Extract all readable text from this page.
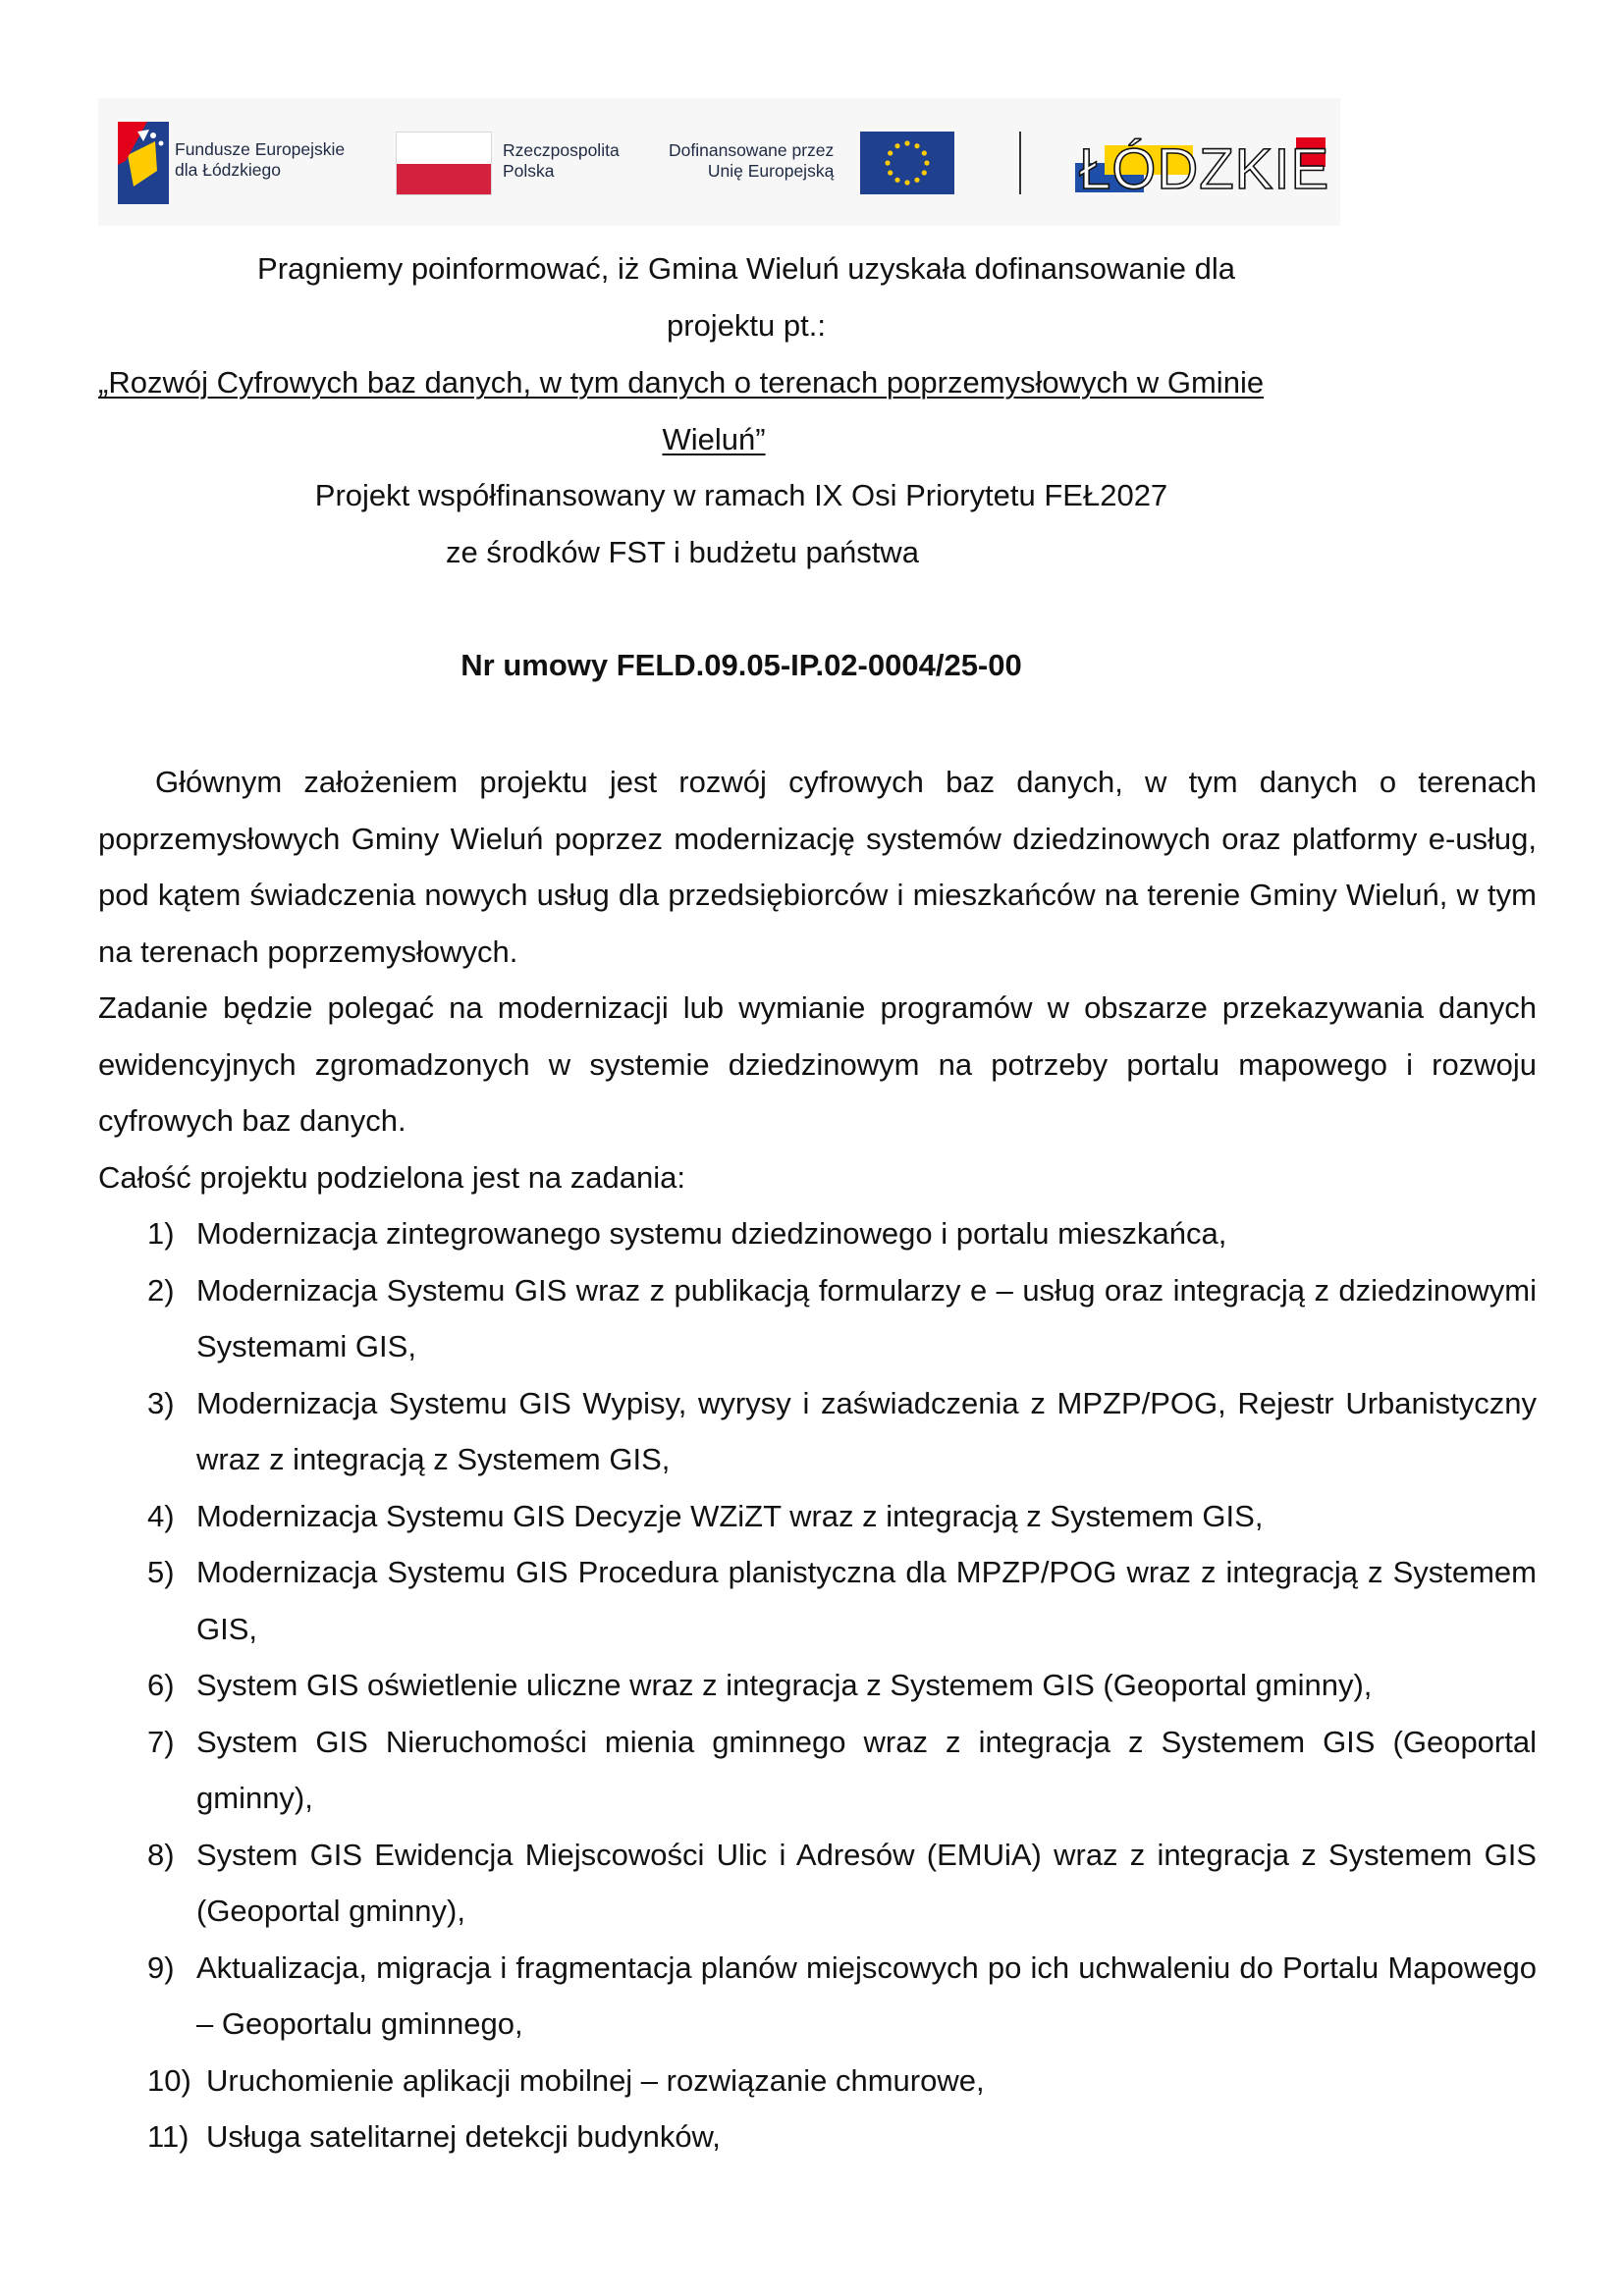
Fundusze Europejskie
dla Łódzkiego
Rzeczpospolita
Polska
Dofinansowane przez
Unię Europejską	ŁÓDZKIE
Pragniemy poinformować, iż Gmina Wieluń uzyskała dofinansowanie dla
projektu pt.:
„Rozwój Cyfrowych baz danych, w tym danych o terenach poprzemysłowych w Gminie
Wieluń”
Projekt współfinansowany w ramach IX Osi Priorytetu FEŁ2027
ze środków FST i budżetu państwa
Nr umowy FELD.09.05-IP.02-0004/25-00

Głównym założeniem projektu jest rozwój cyfrowych baz danych, w tym danych o terenach poprzemysłowych Gminy Wieluń poprzez modernizację systemów dziedzinowych oraz platformy e-usług, pod kątem świadczenia nowych usług dla przedsiębiorców i mieszkańców na terenie Gminy Wieluń, w tym na terenach poprzemysłowych.

Zadanie będzie polegać na modernizacji lub wymianie programów w obszarze przekazywania danych ewidencyjnych zgromadzonych w systemie dziedzinowym na potrzeby portalu mapowego i rozwoju cyfrowych baz danych.

Całość projektu podzielona jest na zadania:

1) Modernizacja zintegrowanego systemu dziedzinowego i portalu mieszkańca,
2) Modernizacja Systemu GIS wraz z publikacją formularzy e – usług oraz integracją z dziedzinowymi Systemami GIS,
3) Modernizacja Systemu GIS Wypisy, wyrysy i zaświadczenia z MPZP/POG, Rejestr Urbanistyczny wraz z integracją z Systemem GIS,
4) Modernizacja Systemu GIS Decyzje WZiZT wraz z integracją z Systemem GIS,
5) Modernizacja Systemu GIS Procedura planistyczna dla MPZP/POG wraz z integracją z Systemem GIS,
6) System GIS oświetlenie uliczne wraz z integracja z Systemem GIS (Geoportal gminny),
7) System GIS Nieruchomości mienia gminnego wraz z integracja z Systemem GIS (Geoportal gminny),
8) System GIS Ewidencja Miejscowości Ulic i Adresów (EMUiA) wraz z integracja z Systemem GIS (Geoportal gminny),
9) Aktualizacja, migracja i fragmentacja planów miejscowych po ich uchwaleniu do Portalu Mapowego – Geoportalu gminnego,
10) Uruchomienie aplikacji mobilnej – rozwiązanie chmurowe,
11) Usługa satelitarnej detekcji budynków,
